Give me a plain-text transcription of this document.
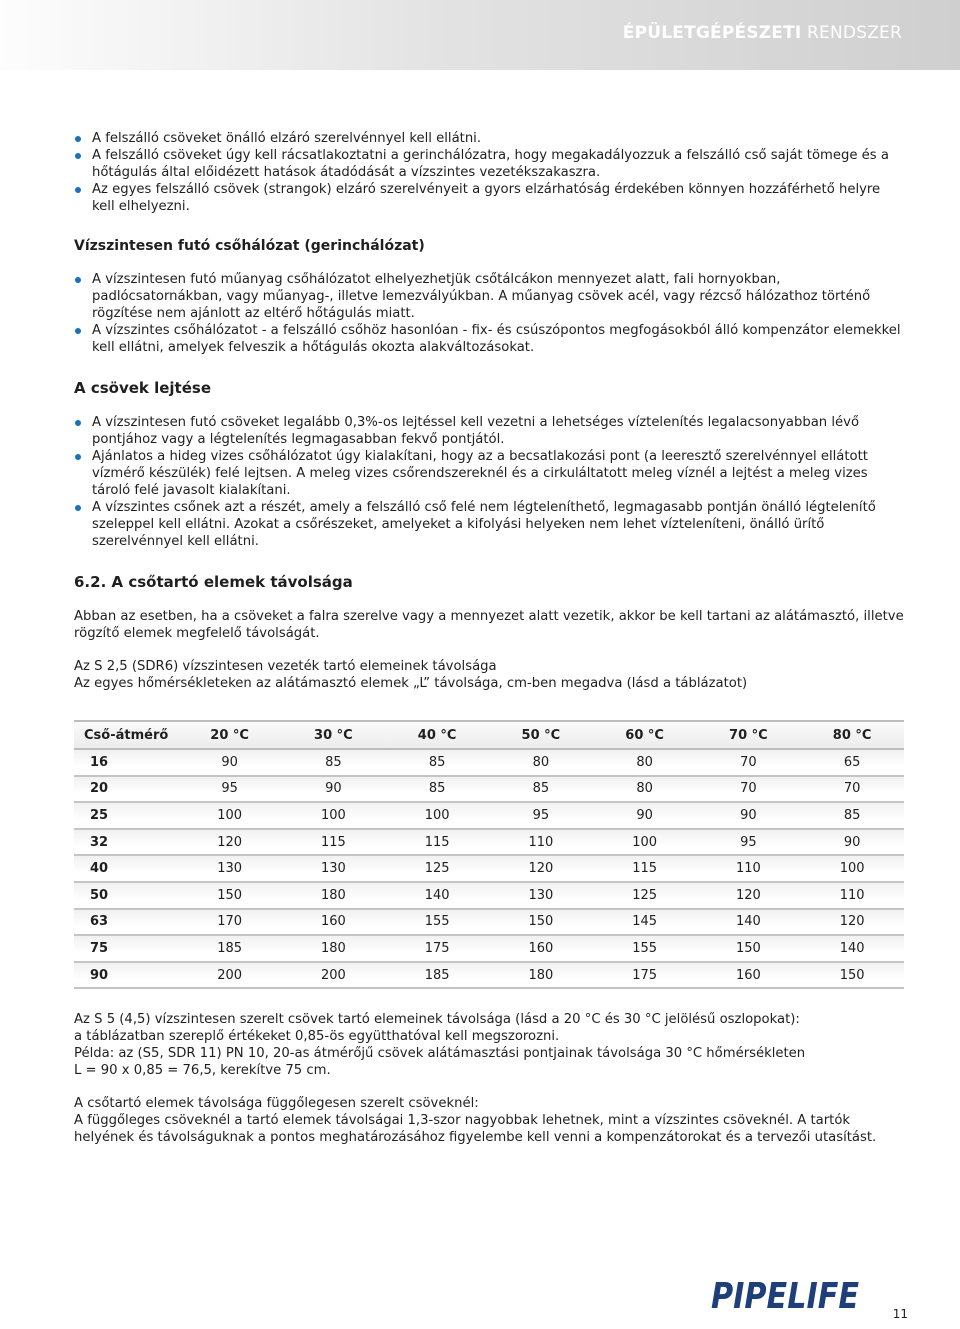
ÉPÜLETGÉPÉSZETI RENDSZER
A felszálló csöveket önálló elzáró szerelvénnyel kell ellátni.
A felszálló csöveket úgy kell rácsatlakoztatni a gerinchálózatra, hogy megakadályozzuk a felszálló cső saját tömege és a hőtágulás által előidézett hatások átadódását a vízszintes vezetékszakaszra.
Az egyes felszálló csövek (strangok) elzáró szerelvényeit a gyors elzárhatóság érdekében könnyen hozzáférhető helyre kell elhelyezni.
Vízszintesen futó csőhálózat (gerinchálózat)
A vízszintesen futó műanyag csőhálózatot elhelyezhetjük csőtálcákon mennyezet alatt, fali hornyokban, padlócsatornákban, vagy műanyag-, illetve lemezvályúkban. A műanyag csövek acél, vagy rézcső hálózathoz történő rögzítése nem ajánlott az eltérő hőtágulás miatt.
A vízszintes csőhálózatot - a felszálló csőhöz hasonlóan - fix- és csúszópontos megfogásokból álló kompenzátor elemekkel kell ellátni, amelyek felveszik a hőtágulás okozta alakváltozásokat.
A csövek lejtése
A vízszintesen futó csöveket legalább 0,3%-os lejtéssel kell vezetni a lehetséges víztelenítés legalacsonyabban lévő pontjához vagy a légtelenítés legmagasabban fekvő pontjától.
Ajánlatos a hideg vizes csőhálózatot úgy kialakítani, hogy az a becsatlakozási pont (a leeresztő szerelvénnyel ellátott vízmérő készülék) felé lejtsen. A meleg vizes csőrendszereknél és a cirkuláltatott meleg víznél a lejtést a meleg vizes tároló felé javasolt kialakítani.
A vízszintes csőnek azt a részét, amely a felszálló cső felé nem légteleníthető, legmagasabb pontján önálló légtelenítő szeleppel kell ellátni. Azokat a csőrészeket, amelyeket a kifolyási helyeken nem lehet vízteleníteni, önálló ürítő szerelvénnyel kell ellátni.
6.2. A csőtartó elemek távolsága

Abban az esetben, ha a csöveket a falra szerelve vagy a mennyezet alatt vezetik, akkor be kell tartani az alátámasztó, illetve rögzítő elemek megfelelő távolságát.

Az S 2,5 (SDR6) vízszintesen vezeték tartó elemeinek távolsága

Az egyes hőmérsékleteken az alátámasztó elemek „L” távolsága, cm-ben megadva (lásd a táblázatot)

Cső-átmérő	20 °C	30 °C	40 °C	50 °C	60 °C	70 °C	80 °C
16	90	85	85	80	80	70	65
20	95	90	85	85	80	70	70
25	100	100	100	95	90	90	85
32	120	115	115	110	100	95	90
40	130	130	125	120	115	110	100
50	150	180	140	130	125	120	110
63	170	160	155	150	145	140	120
75	185	180	175	160	155	150	140
90	200	200	185	180	175	160	150

Az S 5 (4,5) vízszintesen szerelt csövek tartó elemeinek távolsága (lásd a 20 °C és 30 °C jelölésű oszlopokat):

a táblázatban szereplő értékeket 0,85-ös együtthatóval kell megszorozni.

Példa: az (S5, SDR 11) PN 10, 20-as átmérőjű csövek alátámasztási pontjainak távolsága 30 °C hőmérsékleten

L = 90 x 0,85 = 76,5, kerekítve 75 cm.

A csőtartó elemek távolsága függőlegesen szerelt csöveknél:

A függőleges csöveknél a tartó elemek távolságai 1,3-szor nagyobbak lehetnek, mint a vízszintes csöveknél. A tartók helyének és távolságuknak a pontos meghatározásához figyelembe kell venni a kompenzátorokat és a tervezői utasítást.

PIPELIFE	11
